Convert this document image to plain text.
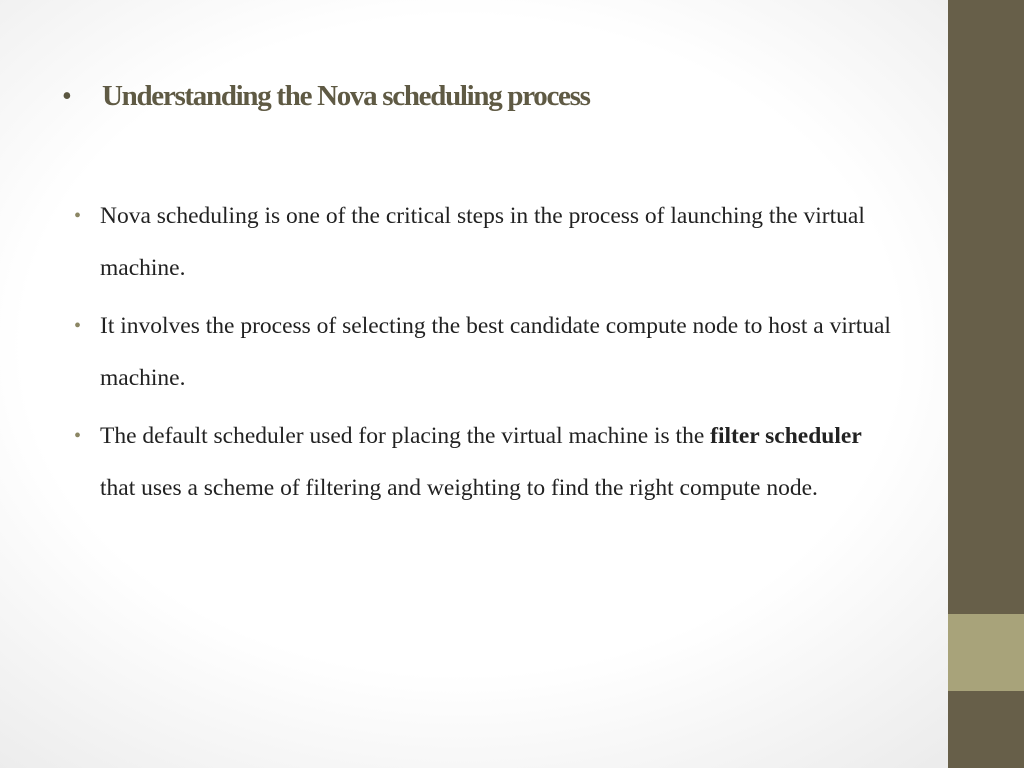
•	Understanding the Nova scheduling process
• Nova scheduling is one of the critical steps in the process of launching the virtual machine.
• It involves the process of selecting the best candidate compute node to host a virtual machine.
• The default scheduler used for placing the virtual machine is the filter scheduler that uses a scheme of filtering and weighting to find the right compute node.
